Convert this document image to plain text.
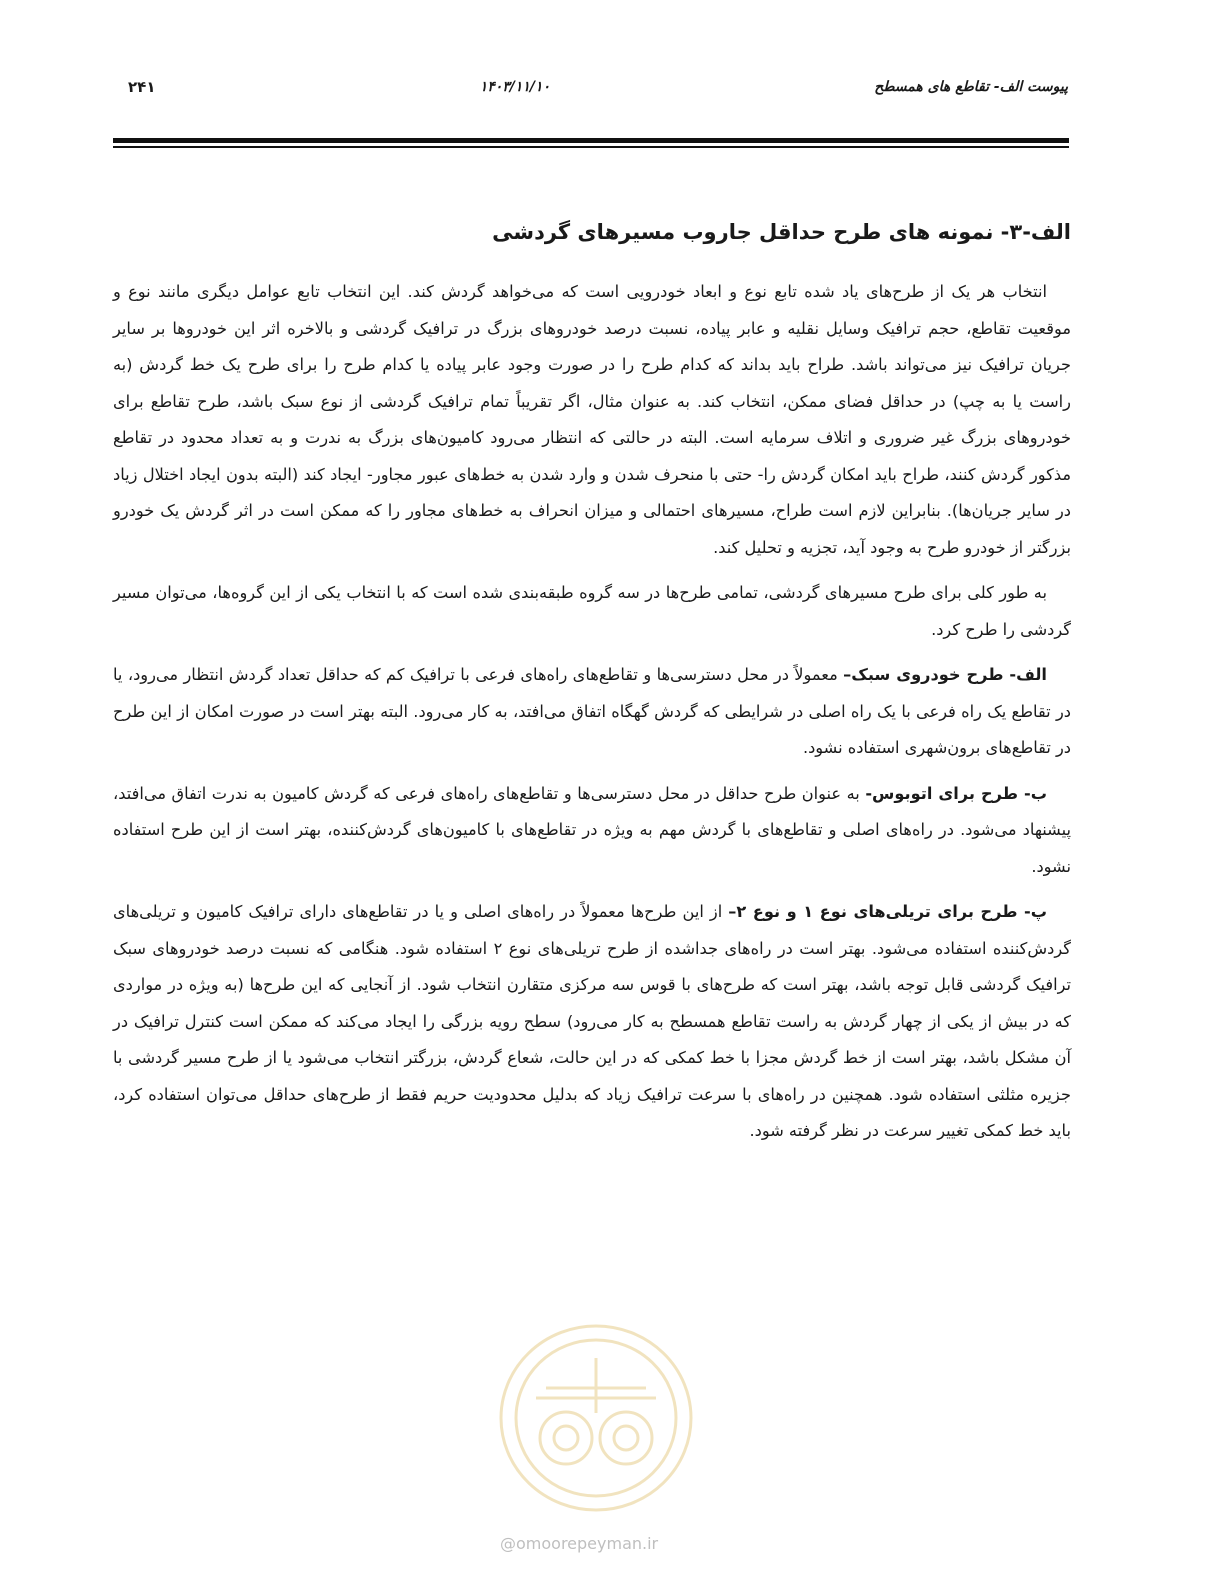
پیوست الف- تقاطع های همسطح
۱۴۰۳/۱۱/۱۰
۲۴۱
الف-۳- نمونه های طرح حداقل جاروب مسیرهای گردشی

انتخاب هر یک از طرح‌های یاد شده تابع نوع و ابعاد خودرویی است که می‌خواهد گردش کند. این انتخاب تابع عوامل دیگری مانند نوع و موقعیت تقاطع، حجم ترافیک وسایل نقلیه و عابر پیاده، نسبت درصد خودروهای بزرگ در ترافیک گردشی و بالاخره اثر این خودروها بر سایر جریان ترافیک نیز می‌تواند باشد. طراح باید بداند که کدام طرح را در صورت وجود عابر پیاده یا کدام طرح را برای طرح یک خط گردش (به راست یا به چپ) در حداقل فضای ممکن، انتخاب کند. به عنوان مثال، اگر تقریباً تمام ترافیک گردشی از نوع سبک باشد، طرح تقاطع برای خودروهای بزرگ غیر ضروری و اتلاف سرمایه است. البته در حالتی که انتظار می‌رود کامیون‌های بزرگ به ندرت و به تعداد محدود در تقاطع مذکور گردش کنند، طراح باید امکان گردش را- حتی با منحرف شدن و وارد شدن به خط‌های عبور مجاور- ایجاد کند (البته بدون ایجاد اختلال زیاد در سایر جریان‌ها). بنابراین لازم است طراح، مسیرهای احتمالی و میزان انحراف به خط‌های مجاور را که ممکن است در اثر گردش یک خودرو بزرگتر از خودرو طرح به وجود آید، تجزیه و تحلیل کند.

به طور کلی برای طرح مسیرهای گردشی، تمامی طرح‌ها در سه گروه طبقه‌بندی شده است که با انتخاب یکی از این گروه‌ها، می‌توان مسیر گردشی را طرح کرد.

الف- طرح خودروی سبک– معمولاً در محل دسترسی‌ها و تقاطع‌های راه‌های فرعی با ترافیک کم که حداقل تعداد گردش انتظار می‌رود، یا در تقاطع یک راه فرعی با یک راه اصلی در شرایطی که گردش گهگاه اتفاق می‌افتد، به کار می‌رود. البته بهتر است در صورت امکان از این طرح در تقاطع‌های برون‌شهری استفاده نشود.

ب- طرح برای اتوبوس- به عنوان طرح حداقل در محل دسترسی‌ها و تقاطع‌های راه‌های فرعی که گردش کامیون به ندرت اتفاق می‌افتد، پیشنهاد می‌شود. در راه‌های اصلی و تقاطع‌های با گردش مهم به ویژه در تقاطع‌های با کامیون‌های گردش‌کننده، بهتر است از این طرح استفاده نشود.

پ- طرح برای تریلی‌های نوع ۱ و نوع ۲– از این طرح‌ها معمولاً در راه‌های اصلی و یا در تقاطع‌های دارای ترافیک کامیون و تریلی‌های گردش‌کننده استفاده می‌شود. بهتر است در راه‌های جداشده از طرح تریلی‌های نوع ۲ استفاده شود. هنگامی که نسبت درصد خودروهای سبک ترافیک گردشی قابل توجه باشد، بهتر است که طرح‌های با قوس سه مرکزی متقارن انتخاب شود. از آنجایی که این طرح‌ها (به ویژه در مواردی که در بیش از یکی از چهار گردش به راست تقاطع همسطح به کار می‌رود) سطح رویه بزرگی را ایجاد می‌کند که ممکن است کنترل ترافیک در آن مشکل باشد، بهتر است از خط گردش مجزا با خط کمکی که در این حالت، شعاع گردش، بزرگتر انتخاب می‌شود یا از طرح مسیر گردشی با جزیره مثلثی استفاده شود. همچنین در راه‌های با سرعت ترافیک زیاد که بدلیل محدودیت حریم فقط از طرح‌های حداقل می‌توان استفاده کرد، باید خط کمکی تغییر سرعت در نظر گرفته شود.

@omoorepeyman.ir
